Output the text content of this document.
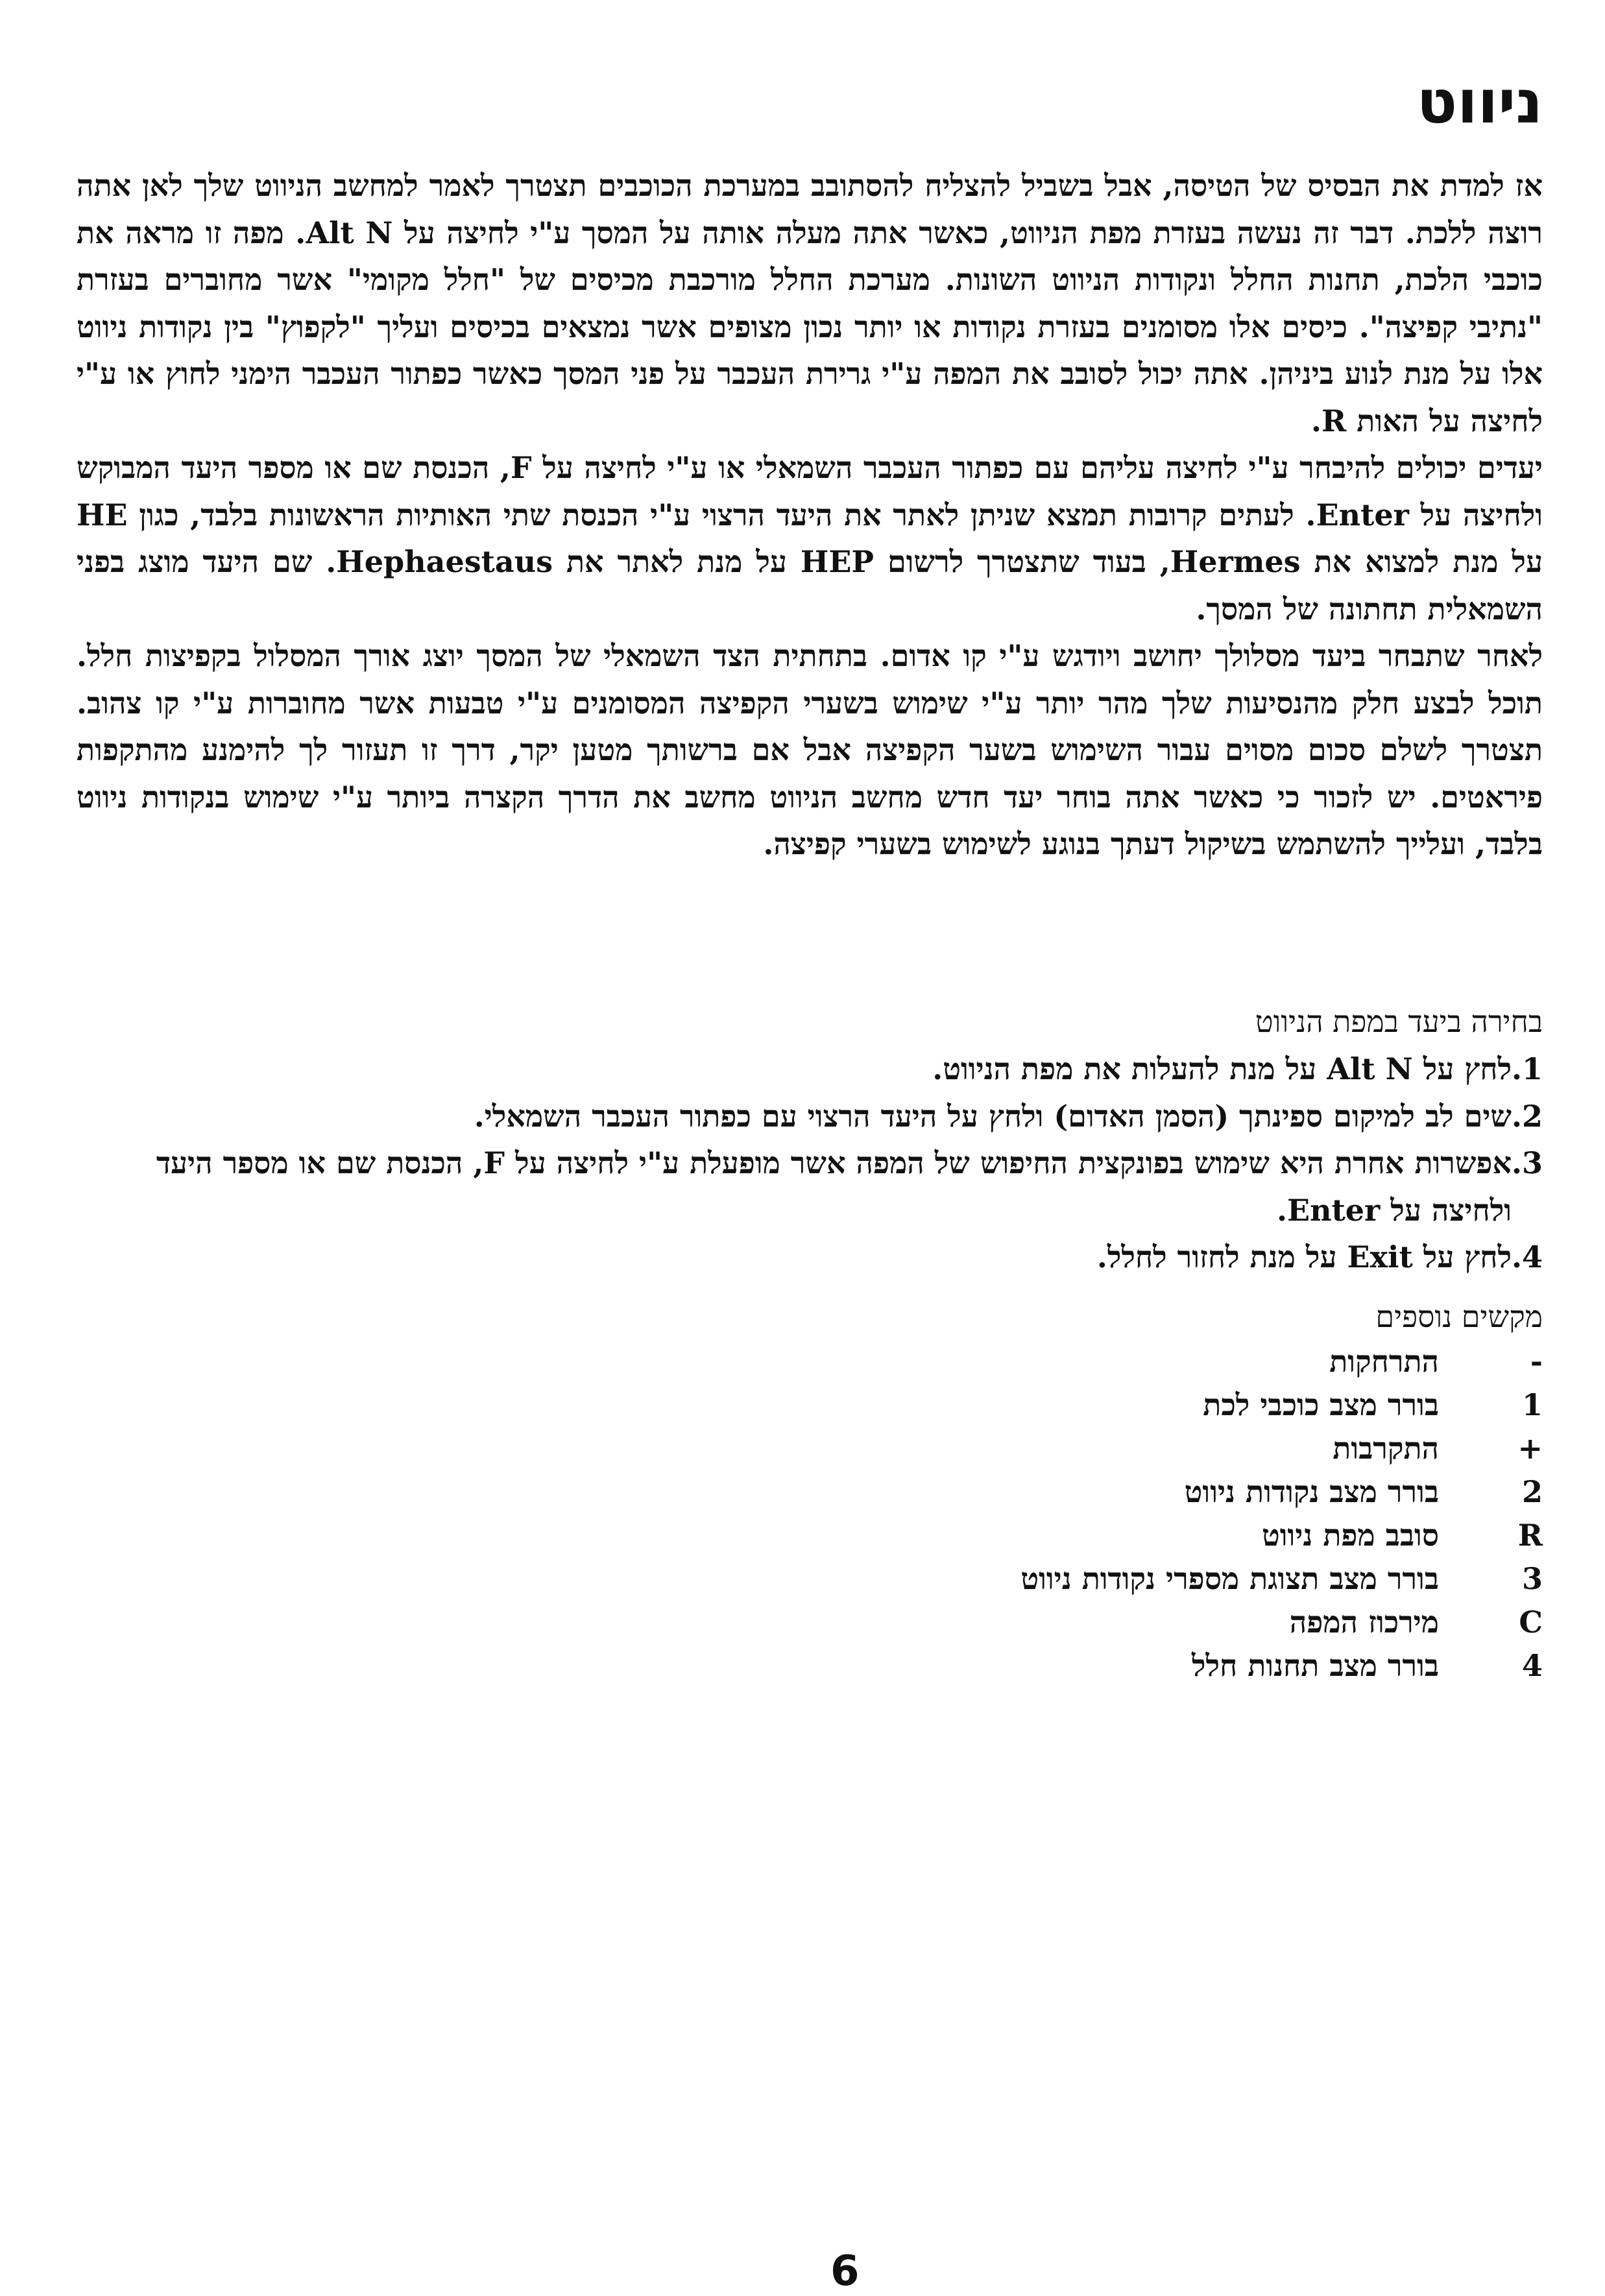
ניווט

אז למדת את הבסיס של הטיסה, אבל בשביל להצליח להסתובב במערכת הכוכבים תצטרך לאמר למחשב הניווט שלך לאן אתה רוצה ללכת. דבר זה נעשה בעזרת מפת הניווט, כאשר אתה מעלה אותה על המסך ע"י לחיצה על Alt N. מפה זו מראה את כוכבי הלכת, תחנות החלל ונקודות הניווט השונות. מערכת החלל מורכבת מכיסים של "חלל מקומי" אשר מחוברים בעזרת "נתיבי קפיצה". כיסים אלו מסומנים בעזרת נקודות או יותר נכון מצופים אשר נמצאים בכיסים ועליך "לקפוץ" בין נקודות ניווט אלו על מנת לנוע ביניהן. אתה יכול לסובב את המפה ע"י גרירת העכבר על פני המסך כאשר כפתור העכבר הימני לחוץ או ע"י לחיצה על האות R.

יעדים יכולים להיבחר ע"י לחיצה עליהם עם כפתור העכבר השמאלי או ע"י לחיצה על F, הכנסת שם או מספר היעד המבוקש ולחיצה על Enter. לעתים קרובות תמצא שניתן לאתר את היעד הרצוי ע"י הכנסת שתי האותיות הראשונות בלבד, כגון HE על מנת למצוא את Hermes, בעוד שתצטרך לרשום HEP על מנת לאתר את Hephaestaus. שם היעד מוצג בפני השמאלית תחתונה של המסך.

לאחר שתבחר ביעד מסלולך יחושב ויודגש ע"י קו אדום. בתחתית הצד השמאלי של המסך יוצג אורך המסלול בקפיצות חלל. תוכל לבצע חלק מהנסיעות שלך מהר יותר ע"י שימוש בשערי הקפיצה המסומנים ע"י טבעות אשר מחוברות ע"י קו צהוב. תצטרך לשלם סכום מסוים עבור השימוש בשער הקפיצה אבל אם ברשותך מטען יקר, דרך זו תעזור לך להימנע מהתקפות פיראטים. יש לזכור כי כאשר אתה בוחר יעד חדש מחשב הניווט מחשב את הדרך הקצרה ביותר ע"י שימוש בנקודות ניווט בלבד, ועלייך להשתמש בשיקול דעתך בנוגע לשימוש בשערי קפיצה.

בחירה ביעד במפת הניווט
1.
לחץ על Alt N על מנת להעלות את מפת הניווט.
2.
שים לב למיקום ספינתך (הסמן האדום) ולחץ על היעד הרצוי עם כפתור העכבר השמאלי.
3.
אפשרות אחרת היא שימוש בפונקצית החיפוש של המפה אשר מופעלת ע"י לחיצה על F, הכנסת שם או מספר היעד ולחיצה על Enter.
4.
לחץ על Exit על מנת לחזור לחלל.
מקשים נוספים
-
התרחקות
1
בורר מצב כוכבי לכת
+
התקרבות
2
בורר מצב נקודות ניווט
R
סובב מפת ניווט
3
בורר מצב תצוגת מספרי נקודות ניווט
C
מירכוז המפה
4
בורר מצב תחנות חלל
6
